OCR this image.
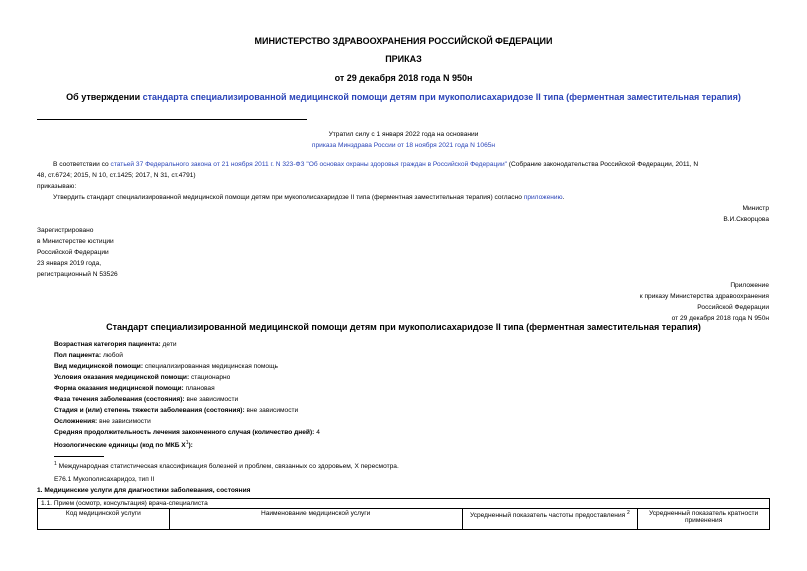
МИНИСТЕРСТВО ЗДРАВООХРАНЕНИЯ РОССИЙСКОЙ ФЕДЕРАЦИИ
ПРИКАЗ
от 29 декабря 2018 года N 950н
Об утверждении стандарта специализированной медицинской помощи детям при мукополисахаридозе II типа (ферментная заместительная терапия)
Утратил силу с 1 января 2022 года на основании
приказа Минздрава России от 18 ноября 2021 года N 1065н
В соответствии со статьей 37 Федерального закона от 21 ноября 2011 г. N 323-ФЗ "Об основах охраны здоровья граждан в Российской Федерации" (Собрание законодательства Российской Федерации, 2011, N
48, ст.6724; 2015, N 10, ст.1425; 2017, N 31, ст.4791)
приказываю:
Утвердить стандарт специализированной медицинской помощи детям при мукополисахаридозе II типа (ферментная заместительная терапия) согласно приложению.
Министр
В.И.Скворцова
Зарегистрировано
в Министерстве юстиции
Российской Федерации
23 января 2019 года,
регистрационный N 53526
Приложение
к приказу Министерства здравоохранения
Российской Федерации
от 29 декабря 2018 года N 950н
Стандарт специализированной медицинской помощи детям при мукополисахаридозе II типа (ферментная заместительная терапия)
Возрастная категория пациента: дети
Пол пациента: любой
Вид медицинской помощи: специализированная медицинская помощь
Условия оказания медицинской помощи: стационарно
Форма оказания медицинской помощи: плановая
Фаза течения заболевания (состояния): вне зависимости
Стадия и (или) степень тяжести заболевания (состояния): вне зависимости
Осложнения: вне зависимости
Средняя продолжительность лечения законченного случая (количество дней): 4
Нозологические единицы (код по МКБ $X^1$):
$^1$ Международная статистическая классификация болезней и проблем, связанных со здоровьем, X пересмотра.
E76.1 Мукополисахаридоз, тип II
1. Медицинские услуги для диагностики заболевания, состояния
1.1. Прием (осмотр, консультация) врача-специалиста
Код медицинской услуги	Наименование медицинской услуги	Усредненный показатель частоты предоставления $^2$	Усредненный показатель кратности применения
